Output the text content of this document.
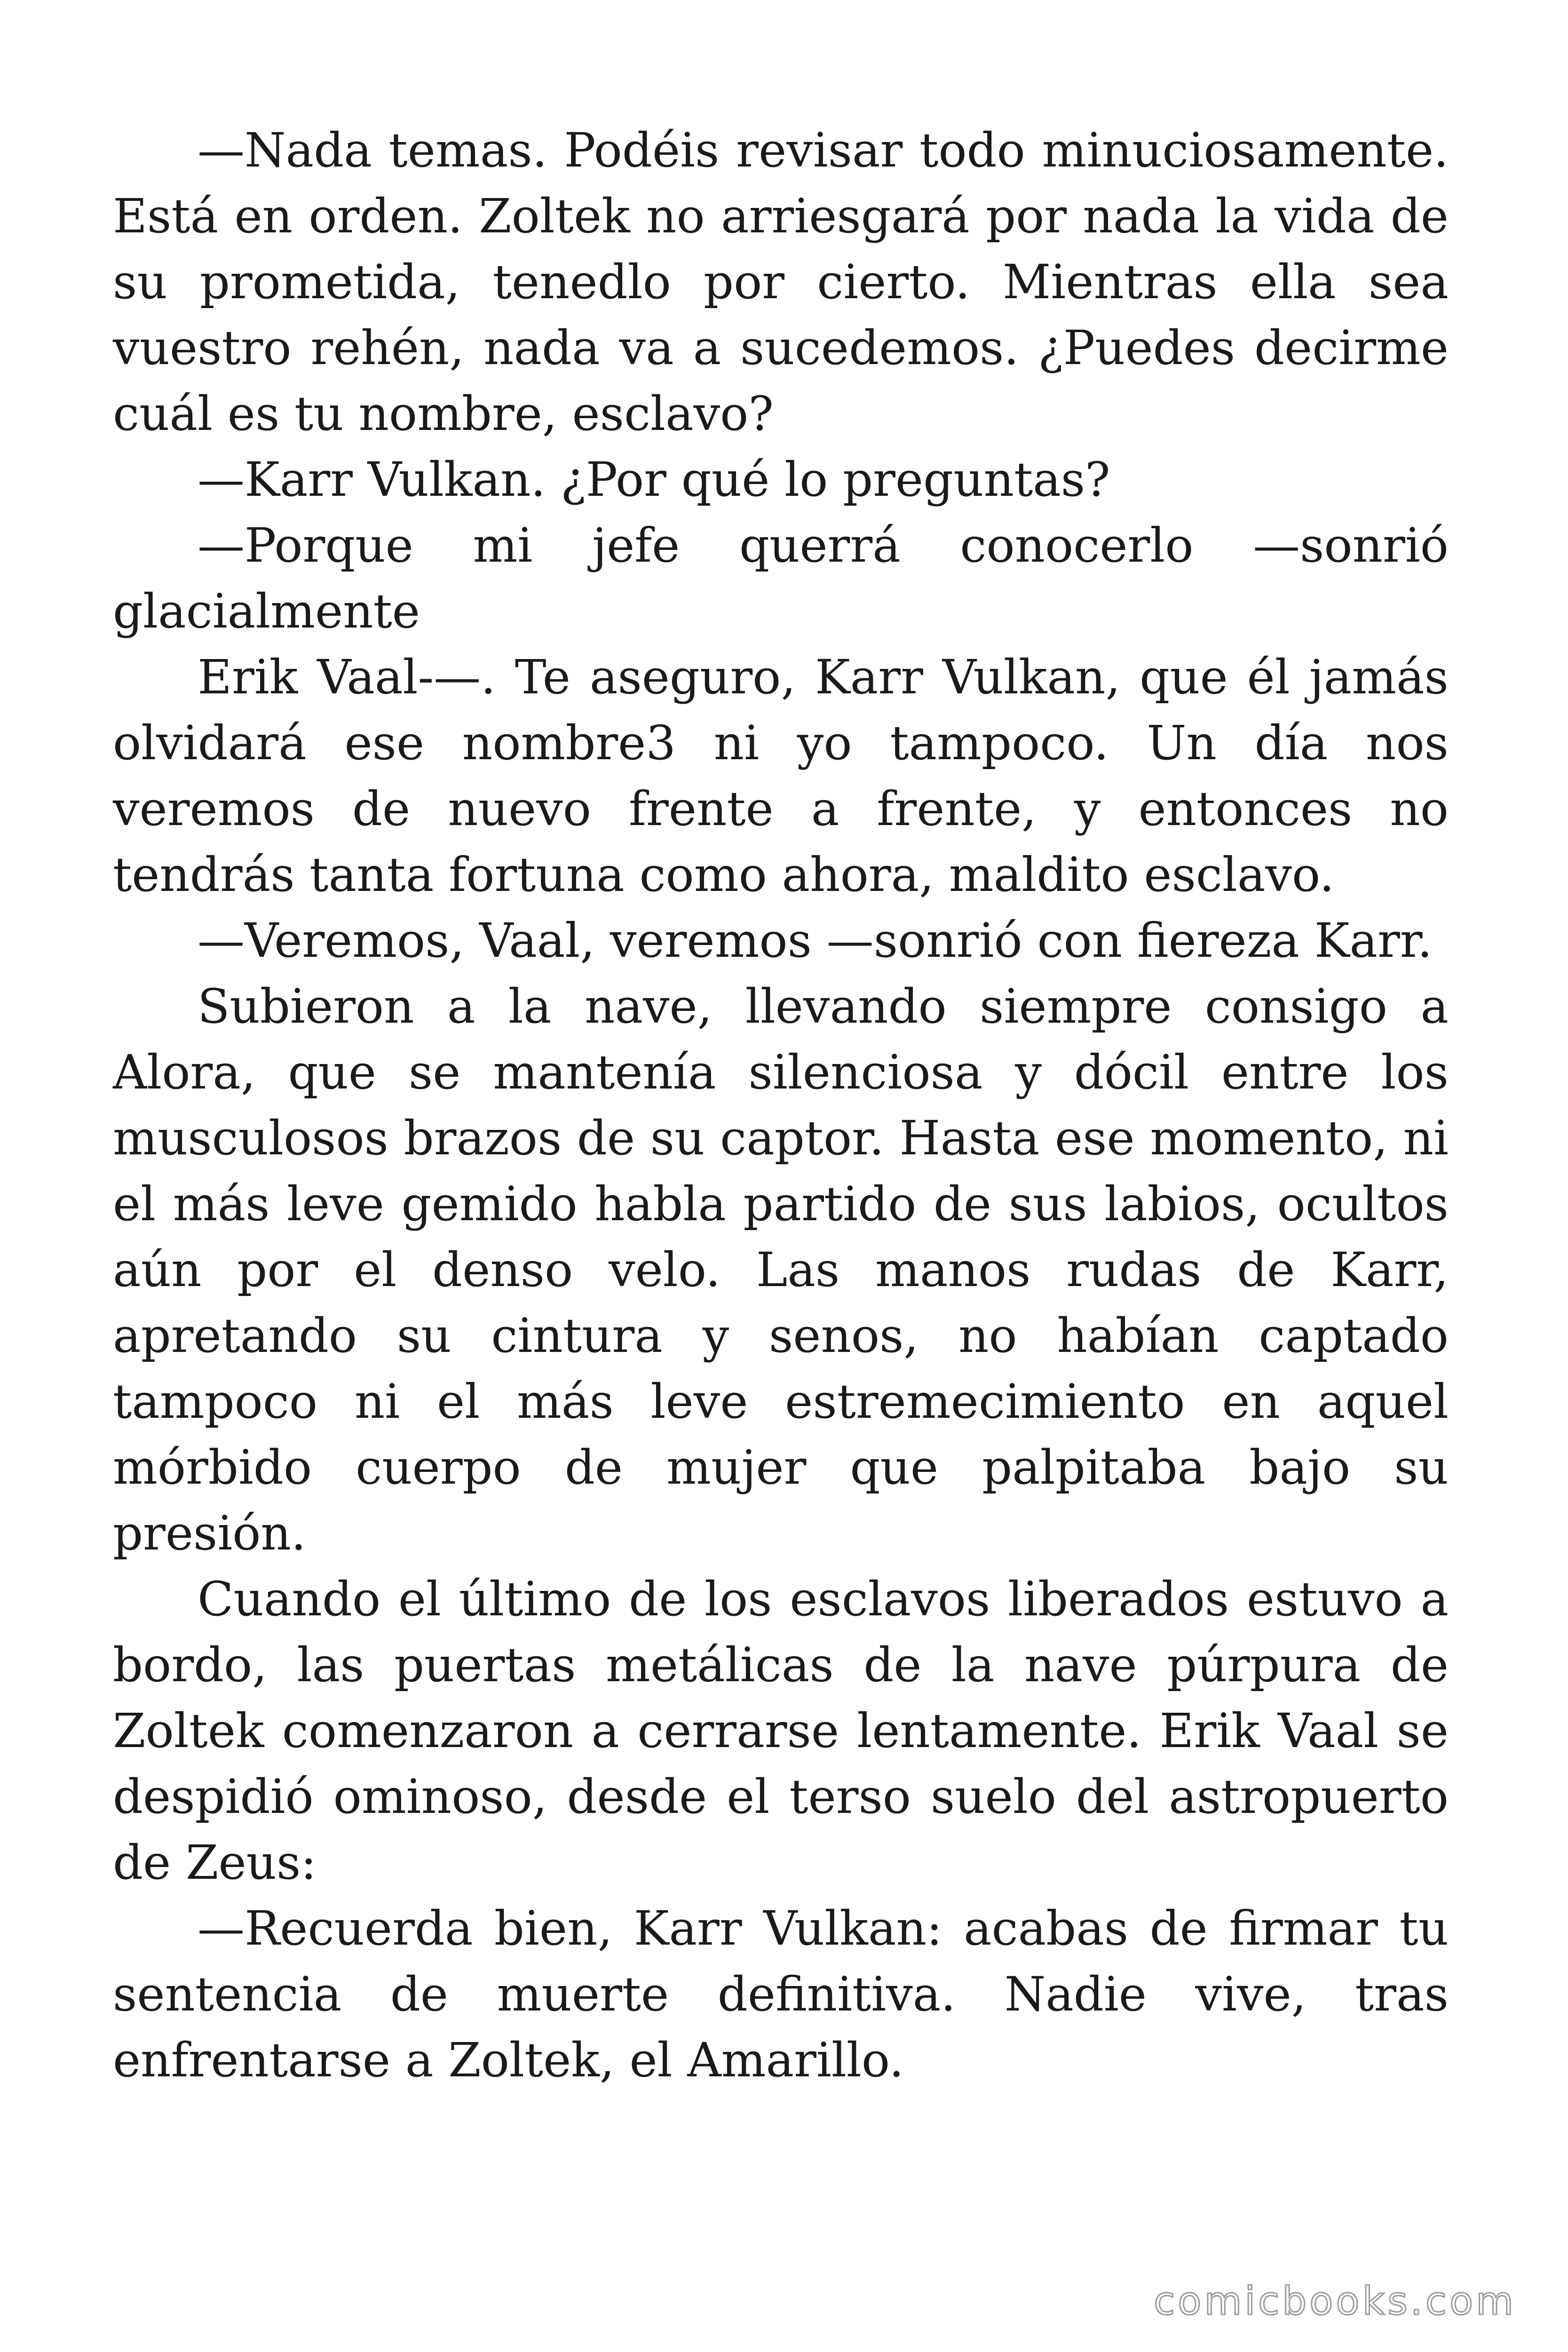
—Nada temas. Podéis revisar todo minuciosamente. Está en orden. Zoltek no arriesgará por nada la vida de su prometida, tenedlo por cierto. Mientras ella sea vuestro rehén, nada va a sucedemos. ¿Puedes decirme cuál es tu nombre, esclavo?

—Karr Vulkan. ¿Por qué lo preguntas?

—Porque mi jefe querrá conocerlo —sonrió glacialmente

Erik Vaal-—. Te aseguro, Karr Vulkan, que él jamás olvidará ese nombre3 ni yo tampoco. Un día nos veremos de nuevo frente a frente, y entonces no tendrás tanta fortuna como ahora, maldito esclavo.

—Veremos, Vaal, veremos —sonrió con fiereza Karr.

Subieron a la nave, llevando siempre consigo a Alora, que se mantenía silenciosa y dócil entre los musculosos brazos de su captor. Hasta ese momento, ni el más leve gemido habla partido de sus labios, ocultos aún por el denso velo. Las manos rudas de Karr, apretando su cintura y senos, no habían captado tampoco ni el más leve estremecimiento en aquel mórbido cuerpo de mujer que palpitaba bajo su presión.

Cuando el último de los esclavos liberados estuvo a bordo, las puertas metálicas de la nave púrpura de Zoltek comenzaron a cerrarse lentamente. Erik Vaal se despidió ominoso, desde el terso suelo del astropuerto de Zeus:

—Recuerda bien, Karr Vulkan: acabas de firmar tu sentencia de muerte definitiva. Nadie vive, tras enfrentarse a Zoltek, el Amarillo.

comicbooks.com
